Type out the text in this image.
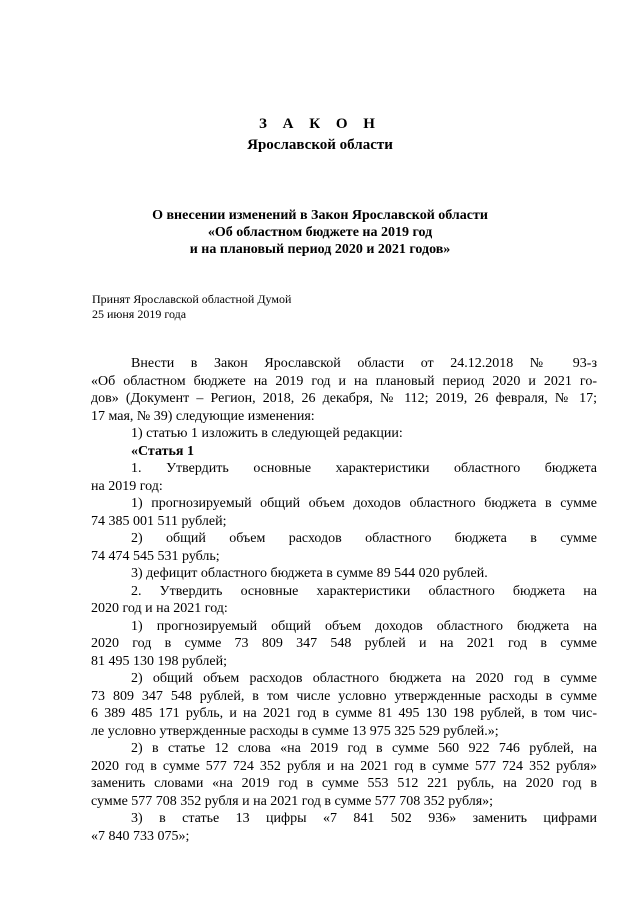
З А К О Н
Ярославской области
О внесении изменений в Закон Ярославской области
«Об областном бюджете на 2019 год
и на плановый период 2020 и 2021 годов»
Принят Ярославской областной Думой
25 июня 2019 года
Внести в Закон Ярославской области от 24.12.2018 № 93-з
«Об областном бюджете на 2019 год и на плановый период 2020 и 2021 го-
дов» (Документ – Регион, 2018, 26 декабря, № 112; 2019, 26 февраля, № 17;
17 мая, № 39) следующие изменения:
1) статью 1 изложить в следующей редакции:
«Статья 1
1. Утвердить основные характеристики областного бюджета
на 2019 год:
1) прогнозируемый общий объем доходов областного бюджета в сумме
74 385 001 511 рублей;
2) общий объем расходов областного бюджета в сумме
74 474 545 531 рубль;
3) дефицит областного бюджета в сумме 89 544 020 рублей.
2. Утвердить основные характеристики областного бюджета на
2020 год и на 2021 год:
1) прогнозируемый общий объем доходов областного бюджета на
2020 год в сумме 73 809 347 548 рублей и на 2021 год в сумме
81 495 130 198 рублей;
2) общий объем расходов областного бюджета на 2020 год в сумме
73 809 347 548 рублей, в том числе условно утвержденные расходы в сумме
6 389 485 171 рубль, и на 2021 год в сумме 81 495 130 198 рублей, в том чис-
ле условно утвержденные расходы в сумме 13 975 325 529 рублей.»;
2) в статье 12 слова «на 2019 год в сумме 560 922 746 рублей, на
2020 год в сумме 577 724 352 рубля и на 2021 год в сумме 577 724 352 рубля»
заменить словами «на 2019 год в сумме 553 512 221 рубль, на 2020 год в
сумме 577 708 352 рубля и на 2021 год в сумме 577 708 352 рубля»;
3) в статье 13 цифры «7 841 502 936» заменить цифрами
«7 840 733 075»;
